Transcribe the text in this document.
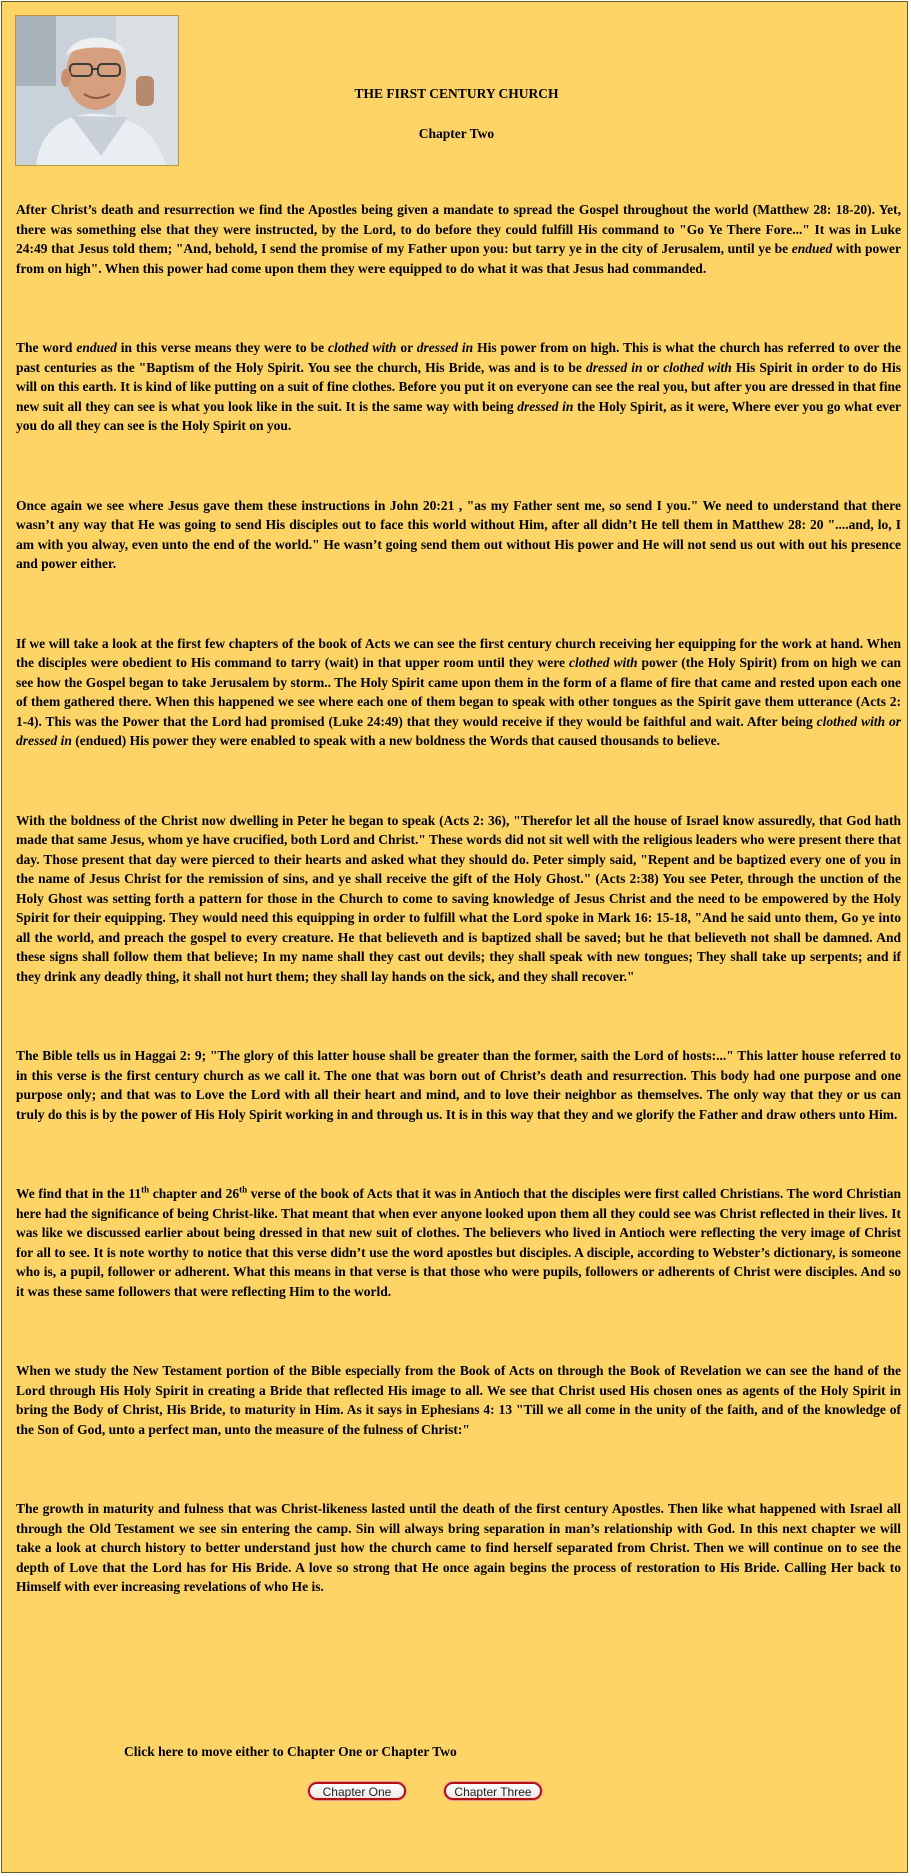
THE FIRST CENTURY CHURCH
Chapter Two

After Christ’s death and resurrection we find the Apostles being given a mandate to spread the Gospel throughout the world (Matthew 28: 18-20). Yet, there was something else that they were instructed, by the Lord, to do before they could fulfill His command to "Go Ye There Fore..." It was in Luke 24:49 that Jesus told them; "And, behold, I send the promise of my Father upon you: but tarry ye in the city of Jerusalem, until ye be endued with power from on high". When this power had come upon them they were equipped to do what it was that Jesus had commanded.

The word endued in this verse means they were to be clothed with or dressed in His power from on high. This is what the church has referred to over the past centuries as the "Baptism of the Holy Spirit. You see the church, His Bride, was and is to be dressed in or clothed with His Spirit in order to do His will on this earth. It is kind of like putting on a suit of fine clothes. Before you put it on everyone can see the real you, but after you are dressed in that fine new suit all they can see is what you look like in the suit. It is the same way with being dressed in the Holy Spirit, as it were, Where ever you go what ever you do all they can see is the Holy Spirit on you.

Once again we see where Jesus gave them these instructions in John 20:21 , "as my Father sent me, so send I you." We need to understand that there wasn’t any way that He was going to send His disciples out to face this world without Him, after all didn’t He tell them in Matthew 28: 20 "....and, lo, I am with you alway, even unto the end of the world." He wasn’t going send them out without His power and He will not send us out with out his presence and power either.

If we will take a look at the first few chapters of the book of Acts we can see the first century church receiving her equipping for the work at hand. When the disciples were obedient to His command to tarry (wait) in that upper room until they were clothed with power (the Holy Spirit) from on high we can see how the Gospel began to take Jerusalem by storm.. The Holy Spirit came upon them in the form of a flame of fire that came and rested upon each one of them gathered there. When this happened we see where each one of them began to speak with other tongues as the Spirit gave them utterance (Acts 2: 1-4). This was the Power that the Lord had promised (Luke 24:49) that they would receive if they would be faithful and wait. After being clothed with or dressed in (endued) His power they were enabled to speak with a new boldness the Words that caused thousands to believe.

With the boldness of the Christ now dwelling in Peter he began to speak (Acts 2: 36), "Therefor let all the house of Israel know assuredly, that God hath made that same Jesus, whom ye have crucified, both Lord and Christ." These words did not sit well with the religious leaders who were present there that day. Those present that day were pierced to their hearts and asked what they should do. Peter simply said, "Repent and be baptized every one of you in the name of Jesus Christ for the remission of sins, and ye shall receive the gift of the Holy Ghost." (Acts 2:38) You see Peter, through the unction of the Holy Ghost was setting forth a pattern for those in the Church to come to saving knowledge of Jesus Christ and the need to be empowered by the Holy Spirit for their equipping. They would need this equipping in order to fulfill what the Lord spoke in Mark 16: 15-18, "And he said unto them, Go ye into all the world, and preach the gospel to every creature. He that believeth and is baptized shall be saved; but he that believeth not shall be damned. And these signs shall follow them that believe; In my name shall they cast out devils; they shall speak with new tongues; They shall take up serpents; and if they drink any deadly thing, it shall not hurt them; they shall lay hands on the sick, and they shall recover."

The Bible tells us in Haggai 2: 9; "The glory of this latter house shall be greater than the former, saith the Lord of hosts:..." This latter house referred to in this verse is the first century church as we call it. The one that was born out of Christ’s death and resurrection. This body had one purpose and one purpose only; and that was to Love the Lord with all their heart and mind, and to love their neighbor as themselves. The only way that they or us can truly do this is by the power of His Holy Spirit working in and through us. It is in this way that they and we glorify the Father and draw others unto Him.

We find that in the 11th chapter and 26th verse of the book of Acts that it was in Antioch that the disciples were first called Christians. The word Christian here had the significance of being Christ-like. That meant that when ever anyone looked upon them all they could see was Christ reflected in their lives. It was like we discussed earlier about being dressed in that new suit of clothes. The believers who lived in Antioch were reflecting the very image of Christ for all to see. It is note worthy to notice that this verse didn’t use the word apostles but disciples. A disciple, according to Webster’s dictionary, is someone who is, a pupil, follower or adherent. What this means in that verse is that those who were pupils, followers or adherents of Christ were disciples. And so it was these same followers that were reflecting Him to the world.

When we study the New Testament portion of the Bible especially from the Book of Acts on through the Book of Revelation we can see the hand of the Lord through His Holy Spirit in creating a Bride that reflected His image to all. We see that Christ used His chosen ones as agents of the Holy Spirit in bring the Body of Christ, His Bride, to maturity in Him. As it says in Ephesians 4: 13 "Till we all come in the unity of the faith, and of the knowledge of the Son of God, unto a perfect man, unto the measure of the fulness of Christ:"

The growth in maturity and fulness that was Christ-likeness lasted until the death of the first century Apostles. Then like what happened with Israel all through the Old Testament we see sin entering the camp. Sin will always bring separation in man’s relationship with God. In this next chapter we will take a look at church history to better understand just how the church came to find herself separated from Christ. Then we will continue on to see the depth of Love that the Lord has for His Bride. A love so strong that He once again begins the process of restoration to His Bride. Calling Her back to Himself with ever increasing revelations of who He is.

Click here to move either to Chapter One or Chapter Two
Chapter One	Chapter Three
